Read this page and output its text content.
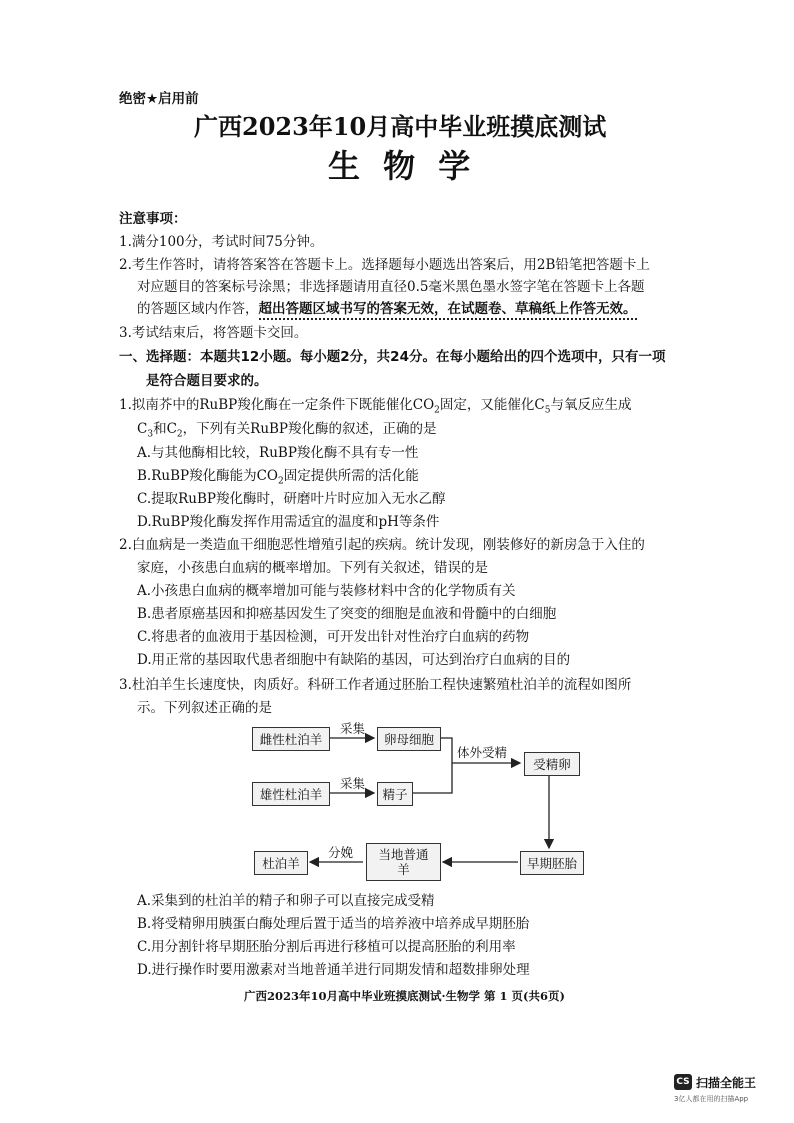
绝密★启用前
广西2023年10月高中毕业班摸底测试
生 物 学
注意事项：
1.满分100分，考试时间75分钟。
2.考生作答时，请将答案答在答题卡上。选择题每小题选出答案后，用2B铅笔把答题卡上
对应题目的答案标号涂黑；非选择题请用直径0.5毫米黑色墨水签字笔在答题卡上各题
的答题区域内作答，超出答题区域书写的答案无效，在试题卷、草稿纸上作答无效。
3.考试结束后，将答题卡交回。
一、选择题：本题共12小题。每小题2分，共24分。在每小题给出的四个选项中，只有一项
是符合题目要求的。
1.拟南芥中的RuBP羧化酶在一定条件下既能催化$CO_2$固定，又能催化$C_5$与氧反应生成
$C_3$和$C_2$，下列有关RuBP羧化酶的叙述，正确的是
A.与其他酶相比较，RuBP羧化酶不具有专一性
B.RuBP羧化酶能为$CO_2$固定提供所需的活化能
C.提取RuBP羧化酶时，研磨叶片时应加入无水乙醇
D.RuBP羧化酶发挥作用需适宜的温度和pH等条件
2.白血病是一类造血干细胞恶性增殖引起的疾病。统计发现，刚装修好的新房急于入住的
家庭，小孩患白血病的概率增加。下列有关叙述，错误的是
A.小孩患白血病的概率增加可能与装修材料中含的化学物质有关
B.患者原癌基因和抑癌基因发生了突变的细胞是血液和骨髓中的白细胞
C.将患者的血液用于基因检测，可开发出针对性治疗白血病的药物
D.用正常的基因取代患者细胞中有缺陷的基因，可达到治疗白血病的目的
3.杜泊羊生长速度快，肉质好。科研工作者通过胚胎工程快速繁殖杜泊羊的流程如图所
示。下列叙述正确的是
雌性杜泊羊	卵母细胞
雄性杜泊羊	精子
受精卵
早期胚胎
当地普通
羊
杜泊羊
采集
采集
体外受精
分娩
A.采集到的杜泊羊的精子和卵子可以直接完成受精
B.将受精卵用胰蛋白酶处理后置于适当的培养液中培养成早期胚胎
C.用分割针将早期胚胎分割后再进行移植可以提高胚胎的利用率
D.进行操作时要用激素对当地普通羊进行同期发情和超数排卵处理
广西2023年10月高中毕业班摸底测试·生物学 第 1 页(共6页)
CS 扫描全能王
3亿人都在用的扫描App
